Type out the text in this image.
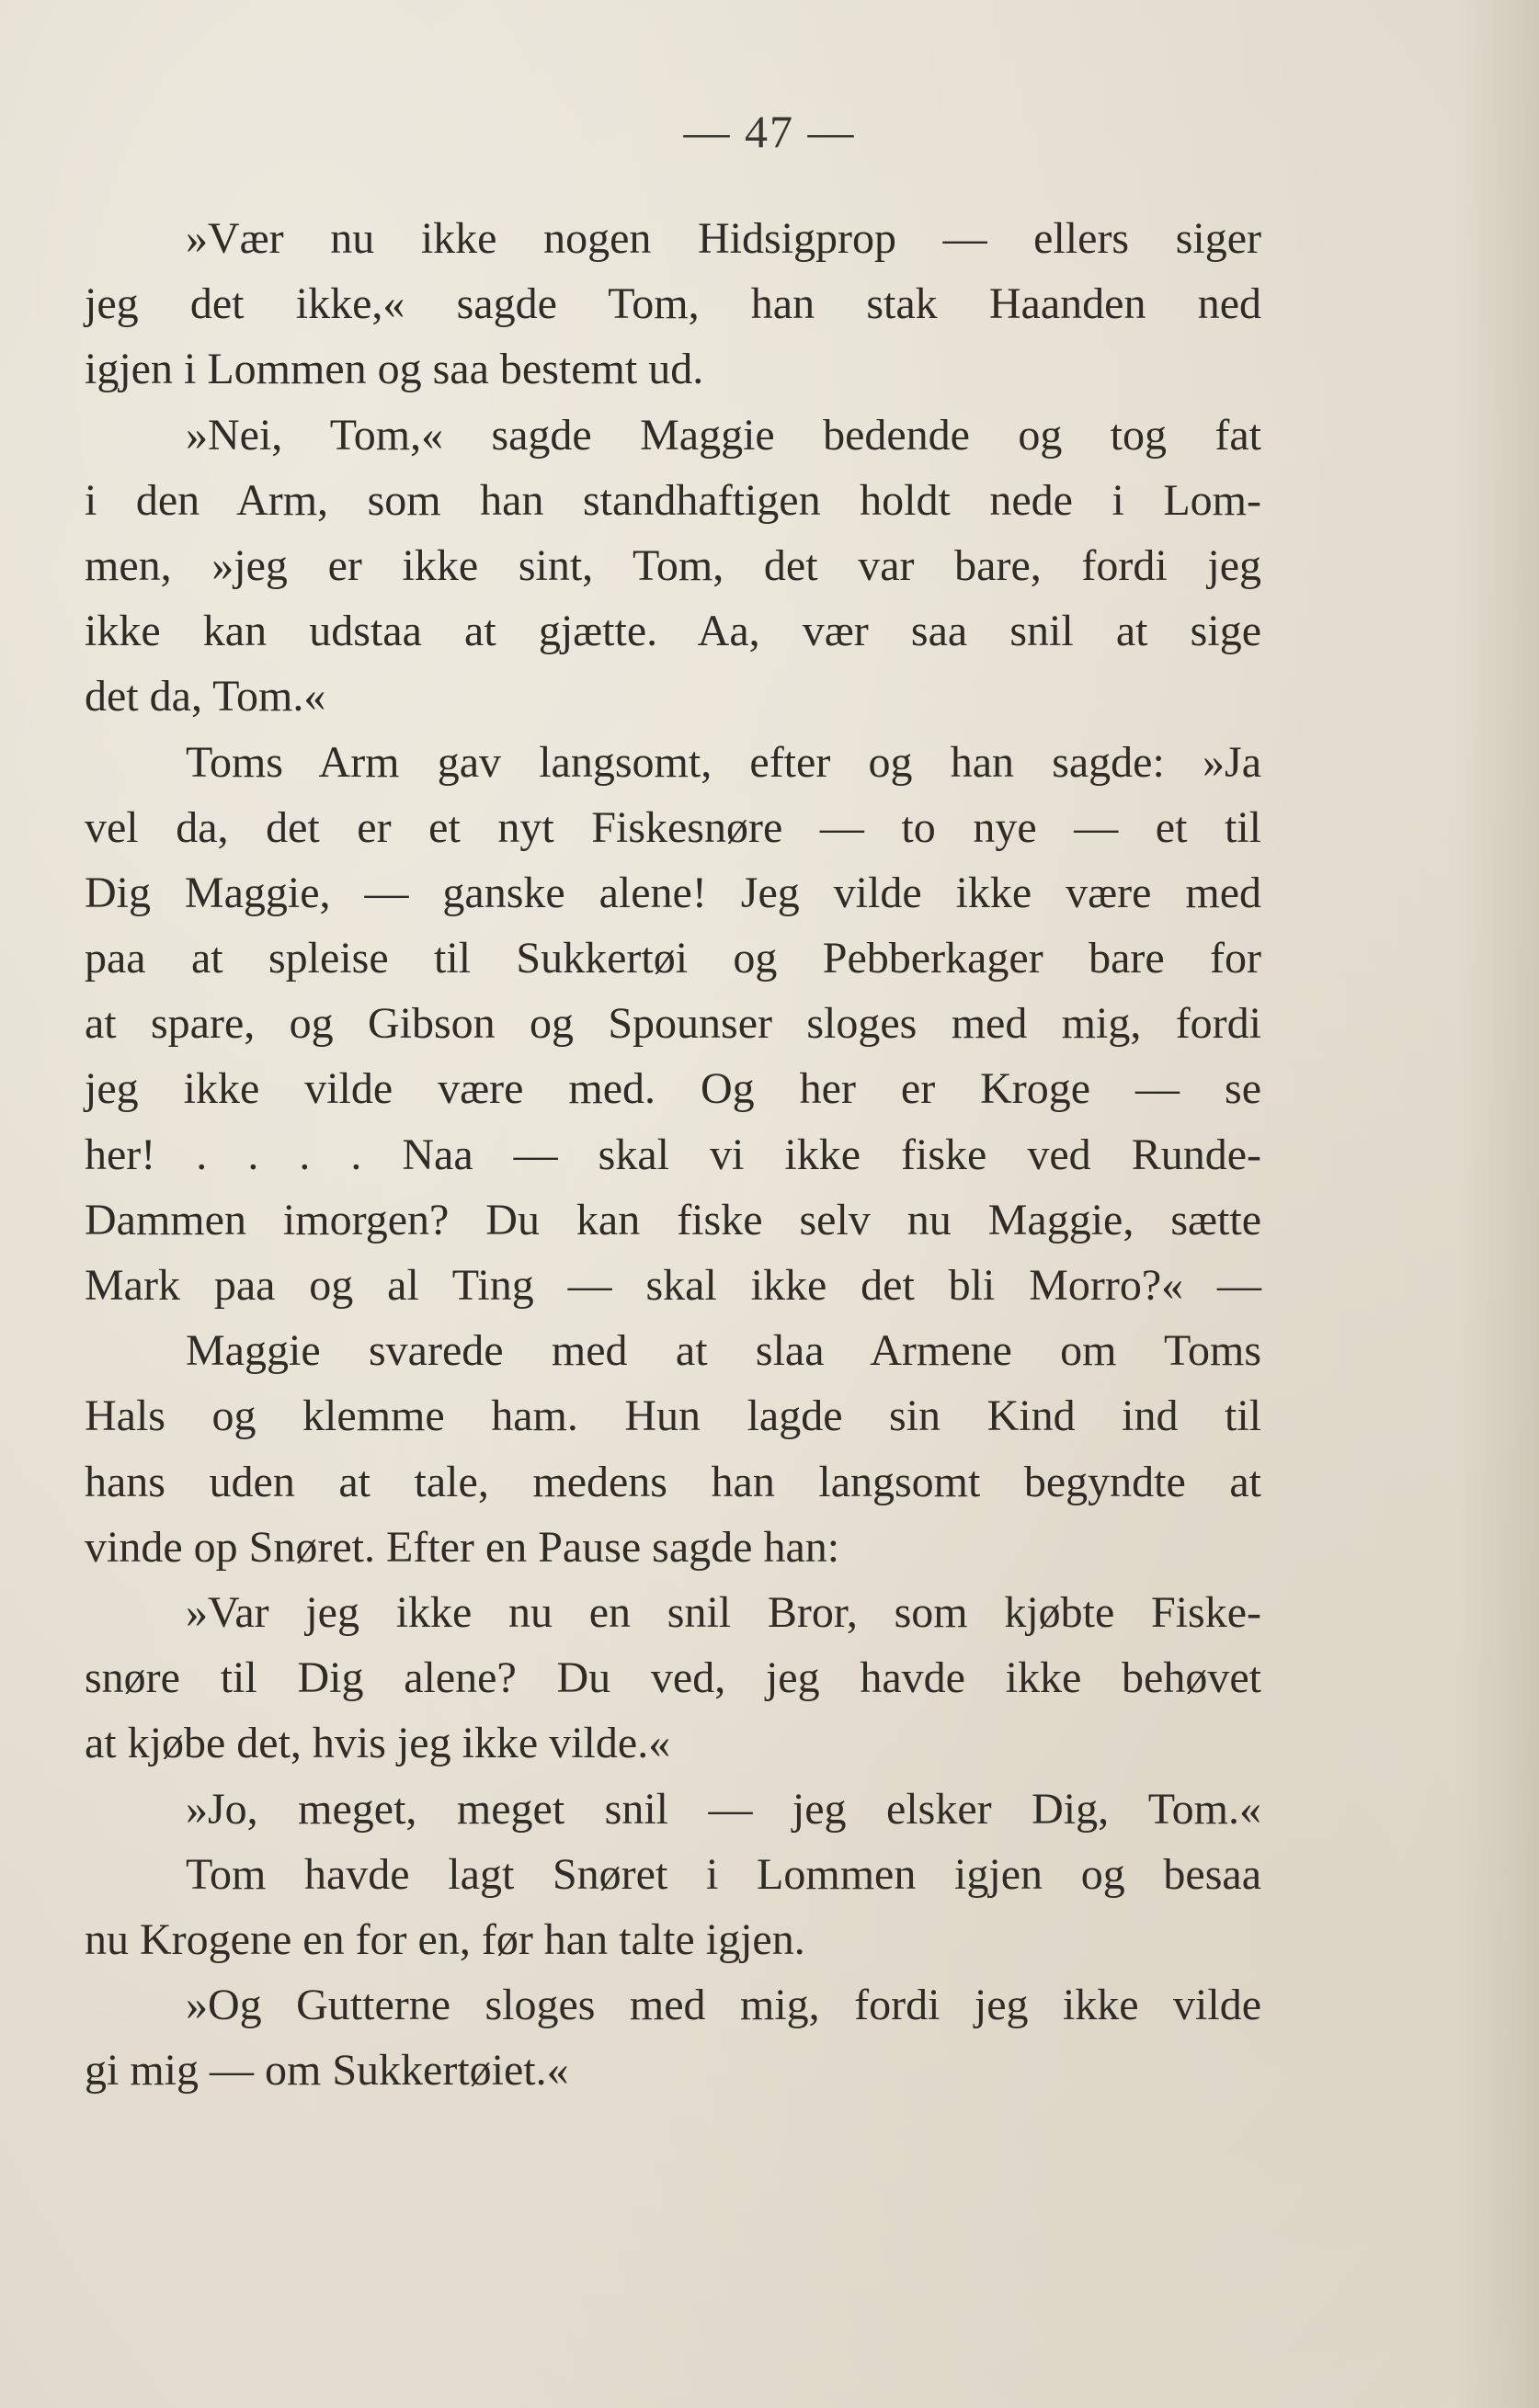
— 47 —
»Vær nu ikke nogen Hidsigprop — ellers siger
jeg det ikke,« sagde Tom, han stak Haanden ned
igjen i Lommen og saa bestemt ud.
»Nei, Tom,« sagde Maggie bedende og tog fat
i den Arm, som han standhaftigen holdt nede i Lom-
men, »jeg er ikke sint, Tom, det var bare, fordi jeg
ikke kan udstaa at gjætte. Aa, vær saa snil at sige
det da, Tom.«
Toms Arm gav langsomt, efter og han sagde: »Ja
vel da, det er et nyt Fiskesnøre — to nye — et til
Dig Maggie, — ganske alene! Jeg vilde ikke være med
paa at spleise til Sukkertøi og Pebberkager bare for
at spare, og Gibson og Spounser sloges med mig, fordi
jeg ikke vilde være med. Og her er Kroge — se
her! . . . . Naa — skal vi ikke fiske ved Runde-
Dammen imorgen? Du kan fiske selv nu Maggie, sætte
Mark paa og al Ting — skal ikke det bli Morro?« —
Maggie svarede med at slaa Armene om Toms
Hals og klemme ham. Hun lagde sin Kind ind til
hans uden at tale, medens han langsomt begyndte at
vinde op Snøret. Efter en Pause sagde han:
»Var jeg ikke nu en snil Bror, som kjøbte Fiske-
snøre til Dig alene? Du ved, jeg havde ikke behøvet
at kjøbe det, hvis jeg ikke vilde.«
»Jo, meget, meget snil — jeg elsker Dig, Tom.«
Tom havde lagt Snøret i Lommen igjen og besaa
nu Krogene en for en, før han talte igjen.
»Og Gutterne sloges med mig, fordi jeg ikke vilde
gi mig — om Sukkertøiet.«
